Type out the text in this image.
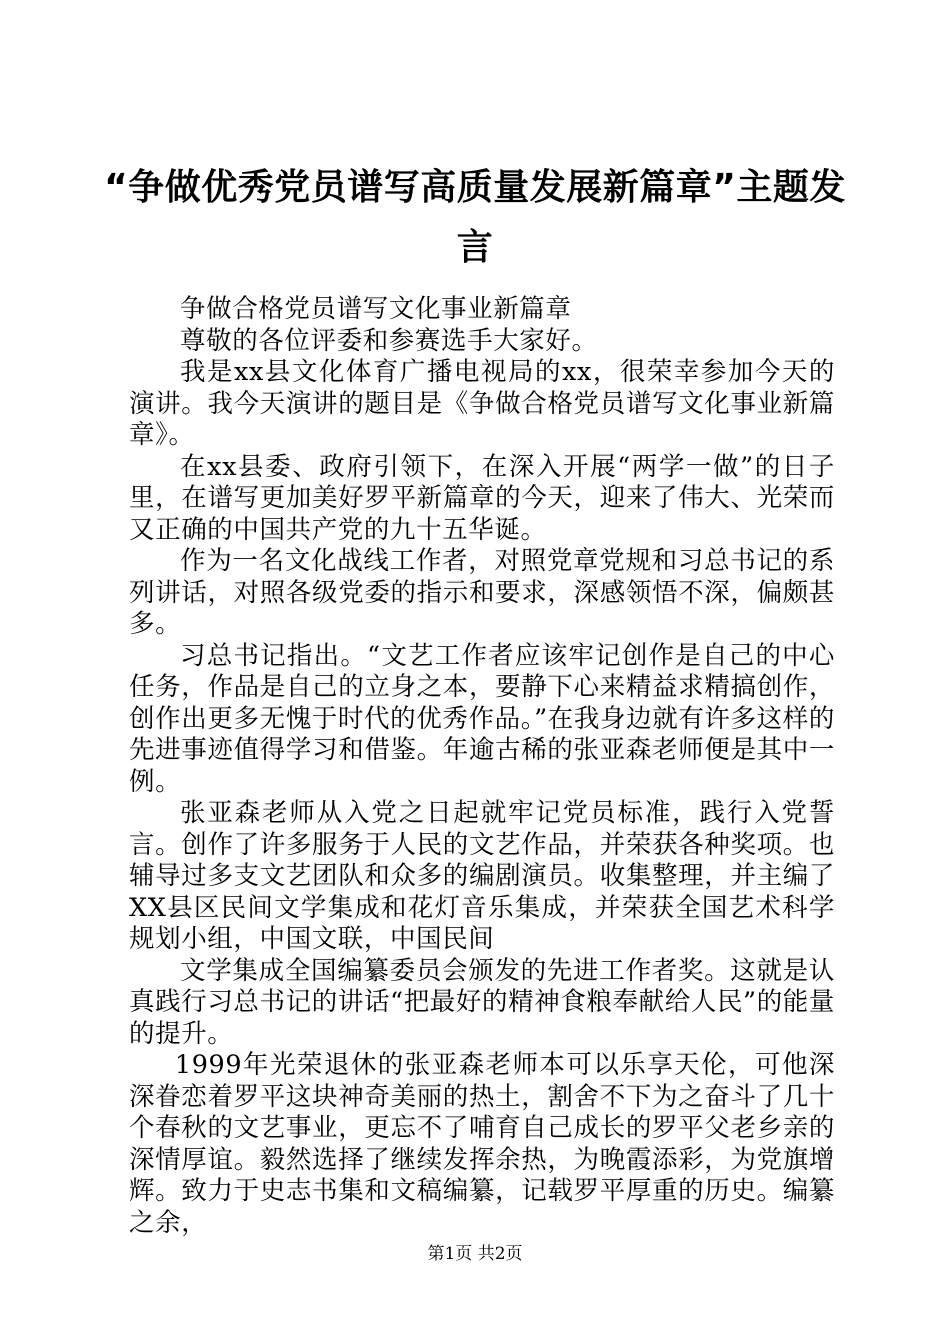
“争做优秀党员谱写高质量发展新篇章”主题发言

争做合格党员谱写文化事业新篇章

尊敬的各位评委和参赛选手大家好。

我是xx县文化体育广播电视局的xx，很荣幸参加今天的演讲。我今天演讲的题目是《争做合格党员谱写文化事业新篇章》。

在xx县委、政府引领下，在深入开展“两学一做”的日子里，在谱写更加美好罗平新篇章的今天，迎来了伟大、光荣而又正确的中国共产党的九十五华诞。

作为一名文化战线工作者，对照党章党规和习总书记的系列讲话，对照各级党委的指示和要求，深感领悟不深，偏颇甚多。

习总书记指出。“文艺工作者应该牢记创作是自己的中心任务，作品是自己的立身之本，要静下心来精益求精搞创作，创作出更多无愧于时代的优秀作品。”在我身边就有许多这样的先进事迹值得学习和借鉴。年逾古稀的张亚森老师便是其中一例。

张亚森老师从入党之日起就牢记党员标准，践行入党誓言。创作了许多服务于人民的文艺作品，并荣获各种奖项。也辅导过多支文艺团队和众多的编剧演员。收集整理，并主编了XX县区民间文学集成和花灯音乐集成，并荣获全国艺术科学规划小组，中国文联，中国民间

文学集成全国编纂委员会颁发的先进工作者奖。这就是认真践行习总书记的讲话“把最好的精神食粮奉献给人民”的能量的提升。

1999年光荣退休的张亚森老师本可以乐享天伦，可他深深眷恋着罗平这块神奇美丽的热土，割舍不下为之奋斗了几十个春秋的文艺事业，更忘不了哺育自己成长的罗平父老乡亲的深情厚谊。毅然选择了继续发挥余热，为晚霞添彩，为党旗增辉。致力于史志书集和文稿编纂，记载罗平厚重的历史。编纂之余，

第1页 共2页
